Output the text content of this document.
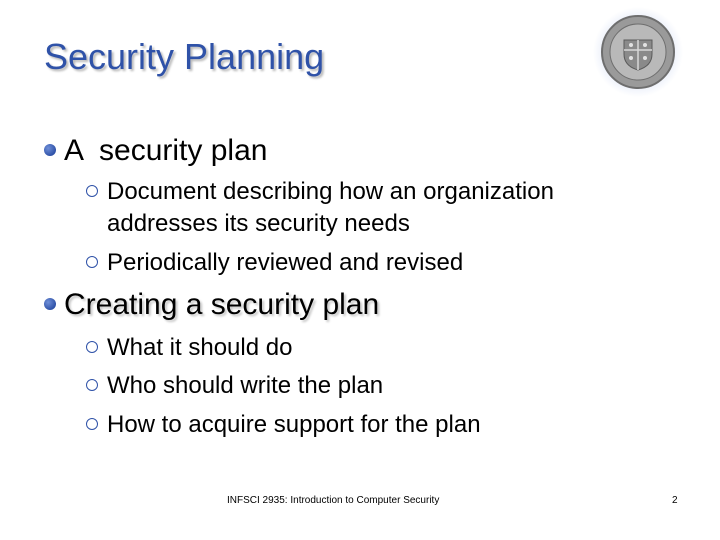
Security Planning
A  security plan
Document describing how an organization addresses its security needs
Periodically reviewed and revised
Creating a security plan
What it should do
Who should write the plan
How to acquire support for the plan
INFSCI 2935: Introduction to Computer Security	2
